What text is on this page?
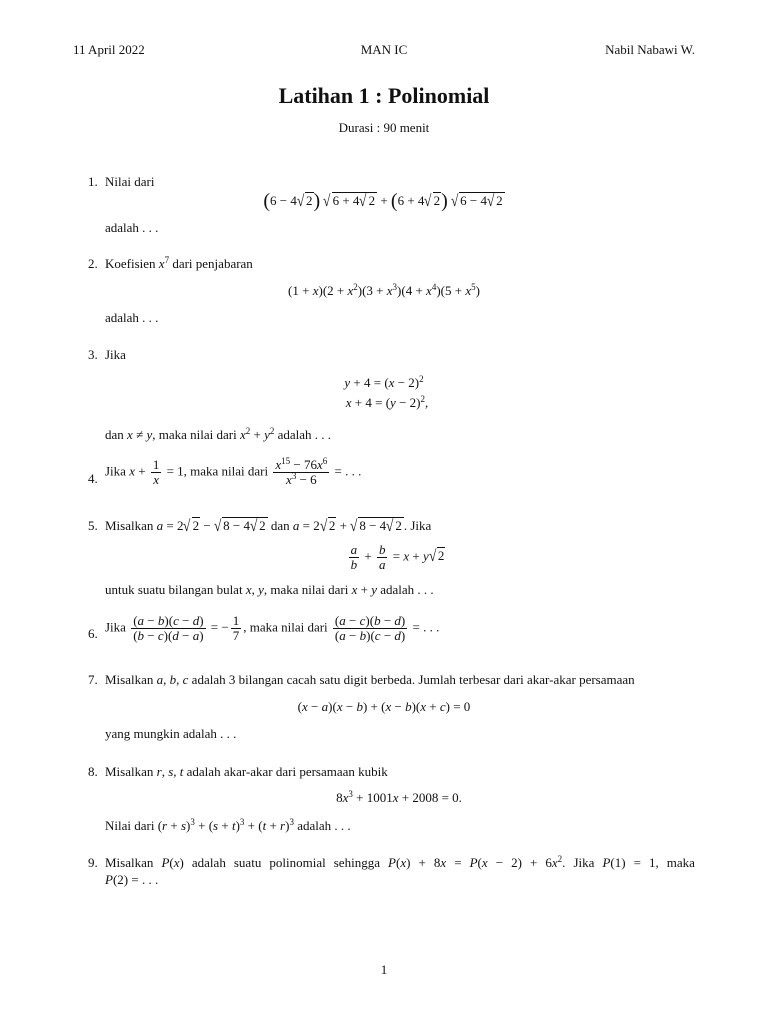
11 April 2022	MAN IC	Nabil Nabawi W.
Latihan 1 : Polinomial
Durasi : 90 menit
1. Nilai dari
(6 − 4√ 2) √ 6 + 4√ 2 + (6 + 4√ 2) √ 6 − 4√ 2
adalah . . .
2. Koefisien $x^7$ dari penjabaran
$(1 + x)(2 + x^2)(3 + x^3)(4 + x^4)(5 + x^5)$
adalah . . .
3. Jika
$y + 4 = (x - 2)^2$
$x + 4 = (y - 2)^2$,
dan x ≠ y, maka nilai dari $x^2 + y^2$ adalah . . .
4.
Jika $x + \frac{1}{x} = 1$, maka nilai dari $\frac{x^{15} - 76x^6}{x^3 - 6}$ = . . .
5. Misalkan a = 2√ 2 − √ 8 − 4√ 2 dan a = 2√ 2 + √ 8 − 4√ 2 . Jika
$\frac{a}{b} + \frac{b}{a} = x + y√$ 2
untuk suatu bilangan bulat x, y, maka nilai dari x + y adalah . . .
6. Jika $\frac{(a - b)(c - d)}{(b - c)(d - a)}$ = − $\frac{1}{7}$ , maka nilai dari $\frac{(a - c)(b - d)}{(a - b)(c - d)}$ = . . .
7. Misalkan a, b, c adalah 3 bilangan cacah satu digit berbeda. Jumlah terbesar dari akar-akar persamaan
(x − a)(x − b) + (x − b)(x + c) = 0
yang mungkin adalah . . .
8. Misalkan r, s, t adalah akar-akar dari persamaan kubik
$8x^3 + 1001x + 2008 = 0$.
Nilai dari $(r + s)^3 + (s + t)^3 + (t + r)^3$ adalah . . .
9. Misalkan P(x) adalah suatu polinomial sehingga $P(x) + 8x = P(x - 2) + 6x^2$. Jika P(1) = 1, maka
P(2) = . . .
1
